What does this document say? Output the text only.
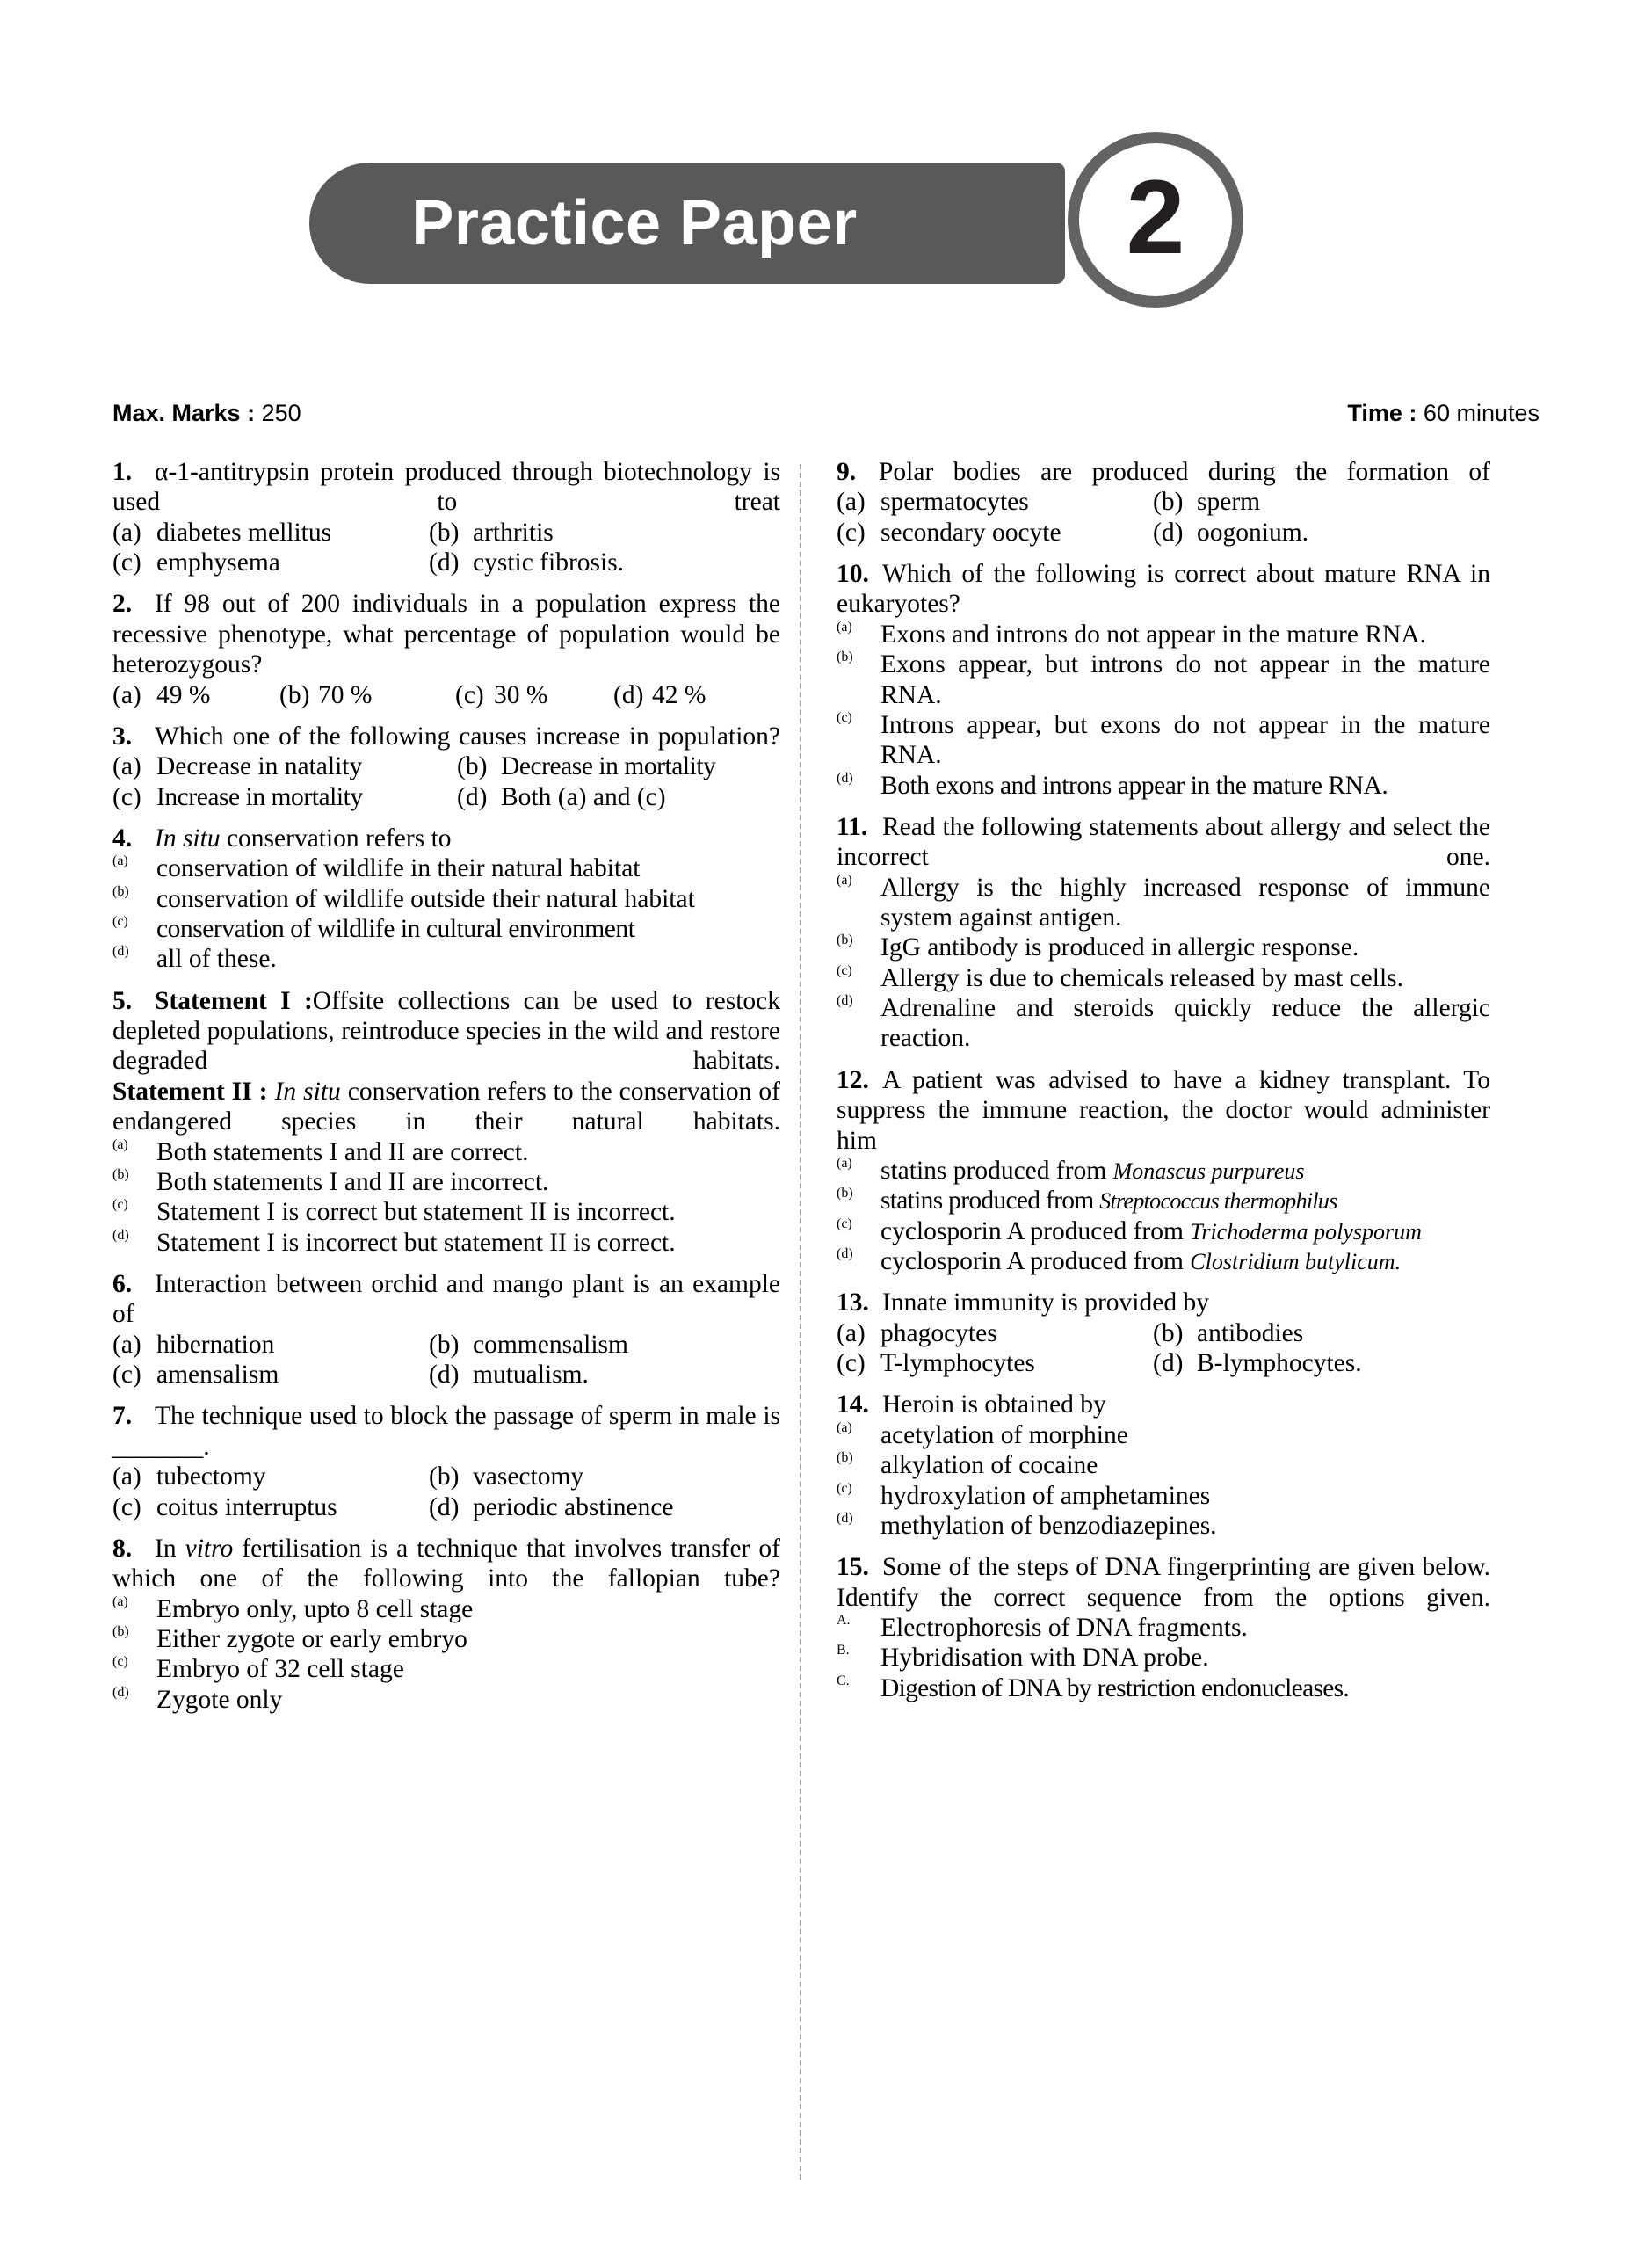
Practice Paper	2
Max. Marks : 250	Time : 60 minutes

1. α-1-antitrypsin protein produced through biotechnology is used to treat

(a) diabetes mellitus	(b) arthritis
(c) emphysema	(d) cystic fibrosis.

2. If 98 out of 200 individuals in a population express the recessive phenotype, what percentage of population would be heterozygous?

(a) 49 %	(b) 70 %	(c) 30 %	(d) 42 %

3. Which one of the following causes increase in population?

(a) Decrease in natality	(b) Decrease in mortality
(c) Increase in mortality	(d) Both (a) and (c)

4. In situ conservation refers to

(a)	conservation of wildlife in their natural habitat
(b)	conservation of wildlife outside their natural habitat
(c)	conservation of wildlife in cultural environment
(d)	all of these.

5. Statement I :Offsite collections can be used to restock depleted populations, reintroduce species in the wild and restore degraded habitats.

Statement II : In situ conservation refers to the conservation of endangered species in their natural habitats.

(a)	Both statements I and II are correct.
(b)	Both statements I and II are incorrect.
(c)	Statement I is correct but statement II is incorrect.
(d)	Statement I is incorrect but statement II is correct.

6. Interaction between orchid and mango plant is an example of

(a) hibernation	(b) commensalism
(c) amensalism	(d) mutualism.

7. The technique used to block the passage of sperm in male is _______.

(a) tubectomy	(b) vasectomy
(c) coitus interruptus	(d) periodic abstinence

8. In vitro fertilisation is a technique that involves transfer of which one of the following into the fallopian tube?

(a)	Embryo only, upto 8 cell stage
(b)	Either zygote or early embryo
(c)	Embryo of 32 cell stage
(d)	Zygote only

9. Polar bodies are produced during the formation of

(a) spermatocytes	(b) sperm
(c) secondary oocyte	(d) oogonium.

10. Which of the following is correct about mature RNA in eukaryotes?

(a)	Exons and introns do not appear in the mature RNA.
(b)	Exons appear, but introns do not appear in the mature RNA.
(c)	Introns appear, but exons do not appear in the mature RNA.
(d)	Both exons and introns appear in the mature RNA.

11. Read the following statements about allergy and select the incorrect one.

(a)	Allergy is the highly increased response of immune system against antigen.
(b)	IgG antibody is produced in allergic response.
(c)	Allergy is due to chemicals released by mast cells.
(d)	Adrenaline and steroids quickly reduce the allergic reaction.

12. A patient was advised to have a kidney transplant. To suppress the immune reaction, the doctor would administer him

(a)	statins produced from Monascus purpureus
(b)	statins produced from Streptococcus thermophilus
(c)	cyclosporin A produced from Trichoderma polysporum
(d)	cyclosporin A produced from Clostridium butylicum.

13. Innate immunity is provided by

(a) phagocytes	(b) antibodies
(c) T-lymphocytes	(d) B-lymphocytes.

14. Heroin is obtained by

(a)	acetylation of morphine
(b)	alkylation of cocaine
(c)	hydroxylation of amphetamines
(d)	methylation of benzodiazepines.

15. Some of the steps of DNA fingerprinting are given below. Identify the correct sequence from the options given.

A.	Electrophoresis of DNA fragments.
B.	Hybridisation with DNA probe.
C.	Digestion of DNA by restriction endonucleases.
